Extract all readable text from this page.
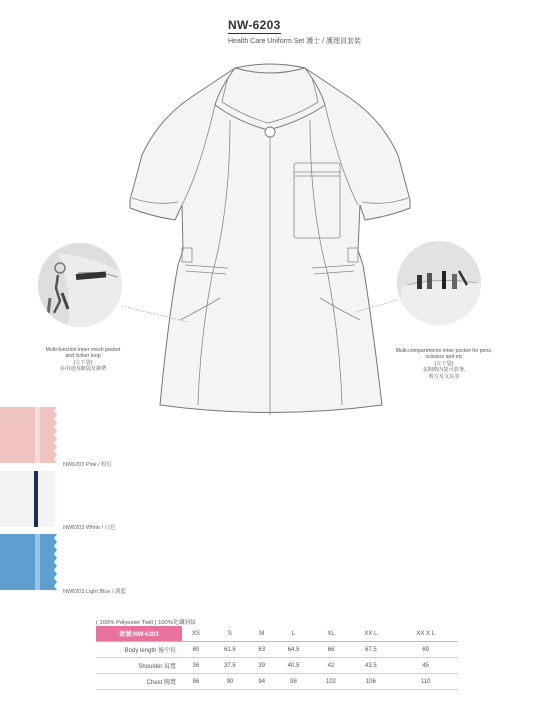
NW-6203
Health Care Uniform Set 護士 / 護理員套裝
Multi-function inner mesh pocket
and locker loop
(左下袋)
多用途內網袋及掛帶
Multi-compartments inner pocket for pens,
scissors and etc
(左下袋)
多間格內袋可放筆,
剪刀及文具等
NW6203 Pink / 粉紅
NW6203 White / 白色
NW6203 Light Blue / 湖藍
( 100% Polyester Twill ) 100%化纖斜紋
款號:NW-6203	XS	S	M	L	XL	XX L	XX X L
Body length 後中長	60	61.5	63	64.5	66	67.5	69
Shoulder 肩寬	36	37.5	39	40.5	42	43.5	45
Chest 胸寬	86	90	94	98	102	106	110
